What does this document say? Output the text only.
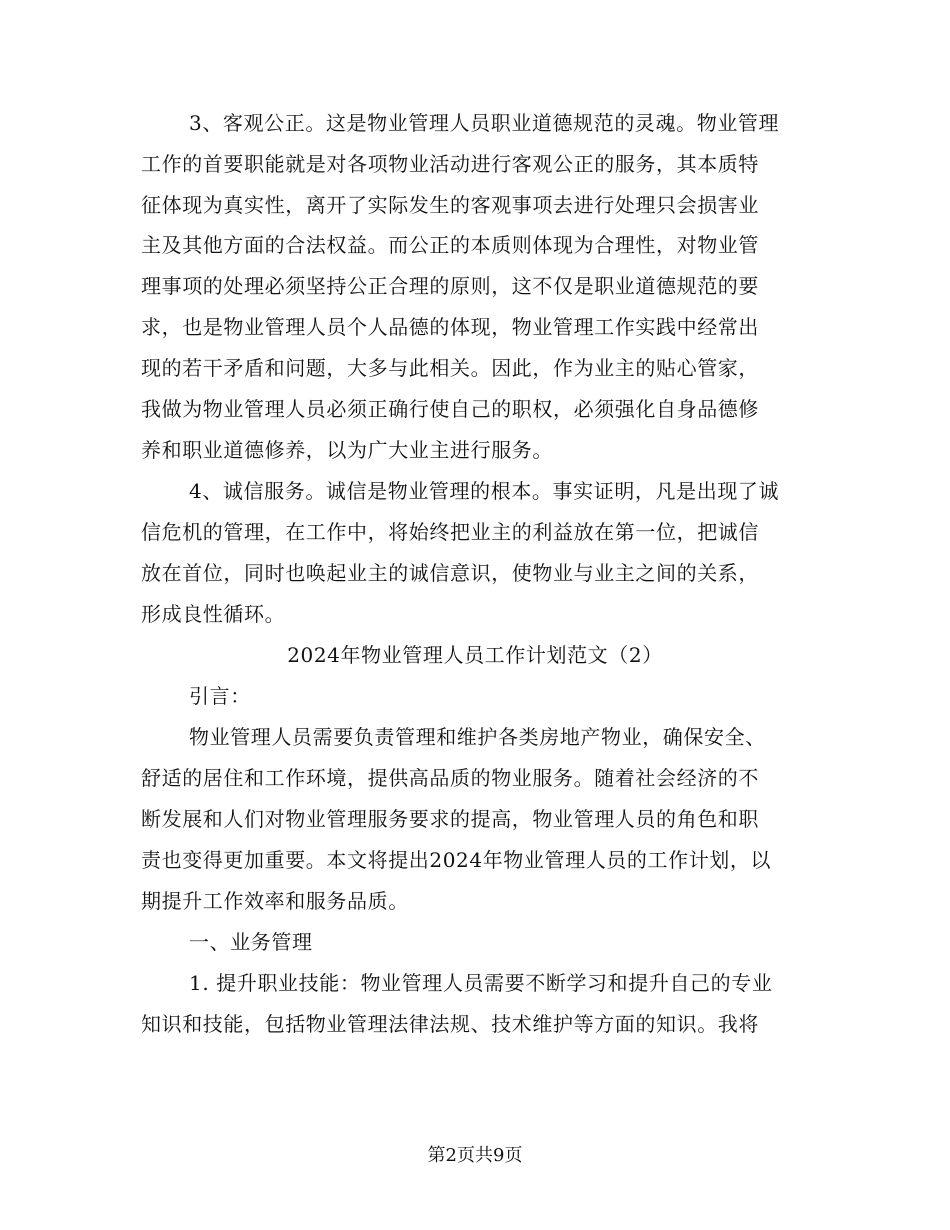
3、客观公正。这是物业管理人员职业道德规范的灵魂。物业管理
工作的首要职能就是对各项物业活动进行客观公正的服务，其本质特
征体现为真实性，离开了实际发生的客观事项去进行处理只会损害业
主及其他方面的合法权益。而公正的本质则体现为合理性，对物业管
理事项的处理必须坚持公正合理的原则，这不仅是职业道德规范的要
求，也是物业管理人员个人品德的体现，物业管理工作实践中经常出
现的若干矛盾和问题，大多与此相关。因此，作为业主的贴心管家，
我做为物业管理人员必须正确行使自己的职权，必须强化自身品德修
养和职业道德修养，以为广大业主进行服务。
4、诚信服务。诚信是物业管理的根本。事实证明，凡是出现了诚
信危机的管理，在工作中，将始终把业主的利益放在第一位，把诚信
放在首位，同时也唤起业主的诚信意识，使物业与业主之间的关系，
形成良性循环。
2024年物业管理人员工作计划范文（2）
引言：
物业管理人员需要负责管理和维护各类房地产物业，确保安全、
舒适的居住和工作环境，提供高品质的物业服务。随着社会经济的不
断发展和人们对物业管理服务要求的提高，物业管理人员的角色和职
责也变得更加重要。本文将提出2024年物业管理人员的工作计划，以
期提升工作效率和服务品质。
一、业务管理
1. 提升职业技能：物业管理人员需要不断学习和提升自己的专业
知识和技能，包括物业管理法律法规、技术维护等方面的知识。我将
第2页共9页
